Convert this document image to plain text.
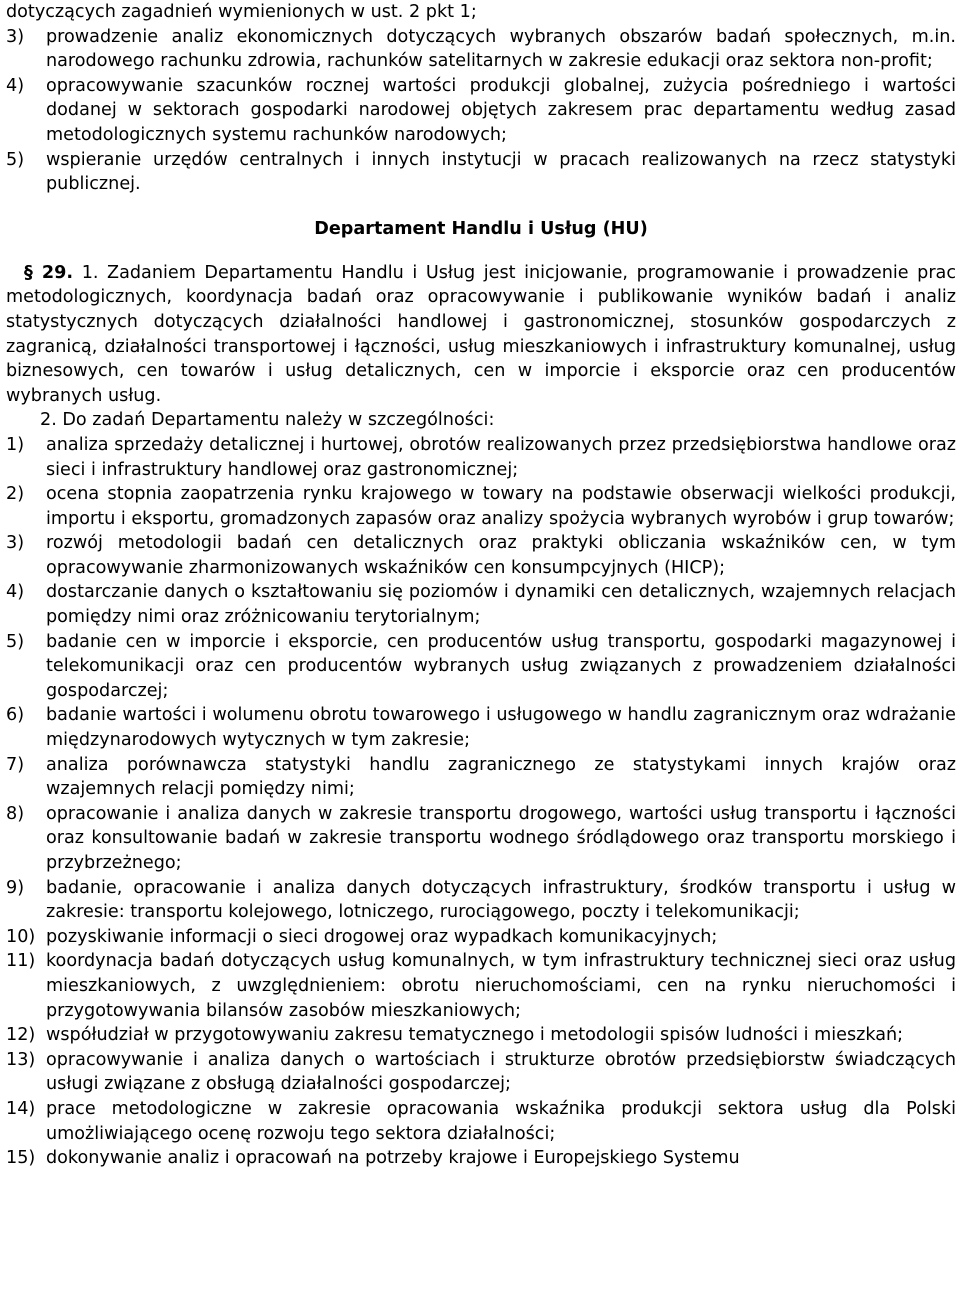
dotyczących zagadnień wymienionych w ust. 2 pkt 1;

3)	prowadzenie analiz ekonomicznych dotyczących wybranych obszarów badań społecznych, m.in. narodowego rachunku zdrowia, rachunków satelitarnych w zakresie edukacji oraz sektora non-profit;
4)	opracowywanie szacunków rocznej wartości produkcji globalnej, zużycia pośredniego i wartości dodanej w sektorach gospodarki narodowej objętych zakresem prac departamentu według zasad metodologicznych systemu rachunków narodowych;
5)	wspieranie urzędów centralnych i innych instytucji w pracach realizowanych na rzecz statystyki publicznej.
Departament Handlu i Usług (HU)

§ 29. 1. Zadaniem Departamentu Handlu i Usług jest inicjowanie, programowanie i prowadzenie prac metodologicznych, koordynacja badań oraz opracowywanie i publikowanie wyników badań i analiz statystycznych dotyczących działalności handlowej i gastronomicznej, stosunków gospodarczych z zagranicą, działalności transportowej i łączności, usług mieszkaniowych i infrastruktury komunalnej, usług biznesowych, cen towarów i usług detalicznych, cen w imporcie i eksporcie oraz cen producentów wybranych usług.

2. Do zadań Departamentu należy w szczególności:

1)	analiza sprzedaży detalicznej i hurtowej, obrotów realizowanych przez przedsiębiorstwa handlowe oraz sieci i infrastruktury handlowej oraz gastronomicznej;
2)	ocena stopnia zaopatrzenia rynku krajowego w towary na podstawie obserwacji wielkości produkcji, importu i eksportu, gromadzonych zapasów oraz analizy spożycia wybranych wyrobów i grup towarów;
3)	rozwój metodologii badań cen detalicznych oraz praktyki obliczania wskaźników cen, w tym opracowywanie zharmonizowanych wskaźników cen konsumpcyjnych (HICP);
4)	dostarczanie danych o kształtowaniu się poziomów i dynamiki cen detalicznych, wzajemnych relacjach pomiędzy nimi oraz zróżnicowaniu terytorialnym;
5)	badanie cen w imporcie i eksporcie, cen producentów usług transportu, gospodarki magazynowej i telekomunikacji oraz cen producentów wybranych usług związanych z prowadzeniem działalności gospodarczej;
6)	badanie wartości i wolumenu obrotu towarowego i usługowego w handlu zagranicznym oraz wdrażanie międzynarodowych wytycznych w tym zakresie;
7)	analiza porównawcza statystyki handlu zagranicznego ze statystykami innych krajów oraz wzajemnych relacji pomiędzy nimi;
8)	opracowanie i analiza danych w zakresie transportu drogowego, wartości usług transportu i łączności oraz konsultowanie badań w zakresie transportu wodnego śródlądowego oraz transportu morskiego i przybrzeżnego;
9)	badanie, opracowanie i analiza danych dotyczących infrastruktury, środków transportu i usług w zakresie: transportu kolejowego, lotniczego, rurociągowego, poczty i telekomunikacji;
10) pozyskiwanie informacji o sieci drogowej oraz wypadkach komunikacyjnych;
11) koordynacja badań dotyczących usług komunalnych, w tym infrastruktury technicznej sieci oraz usług mieszkaniowych, z uwzględnieniem: obrotu nieruchomościami, cen na rynku nieruchomości i przygotowywania bilansów zasobów mieszkaniowych;
12) współudział w przygotowywaniu zakresu tematycznego i metodologii spisów ludności i mieszkań;
13) opracowywanie i analiza danych o wartościach i strukturze obrotów przedsiębiorstw świadczących usługi związane z obsługą działalności gospodarczej;
14) prace metodologiczne w zakresie opracowania wskaźnika produkcji sektora usług dla Polski umożliwiającego ocenę rozwoju tego sektora działalności;
15) dokonywanie analiz i opracowań na potrzeby krajowe i Europejskiego Systemu
